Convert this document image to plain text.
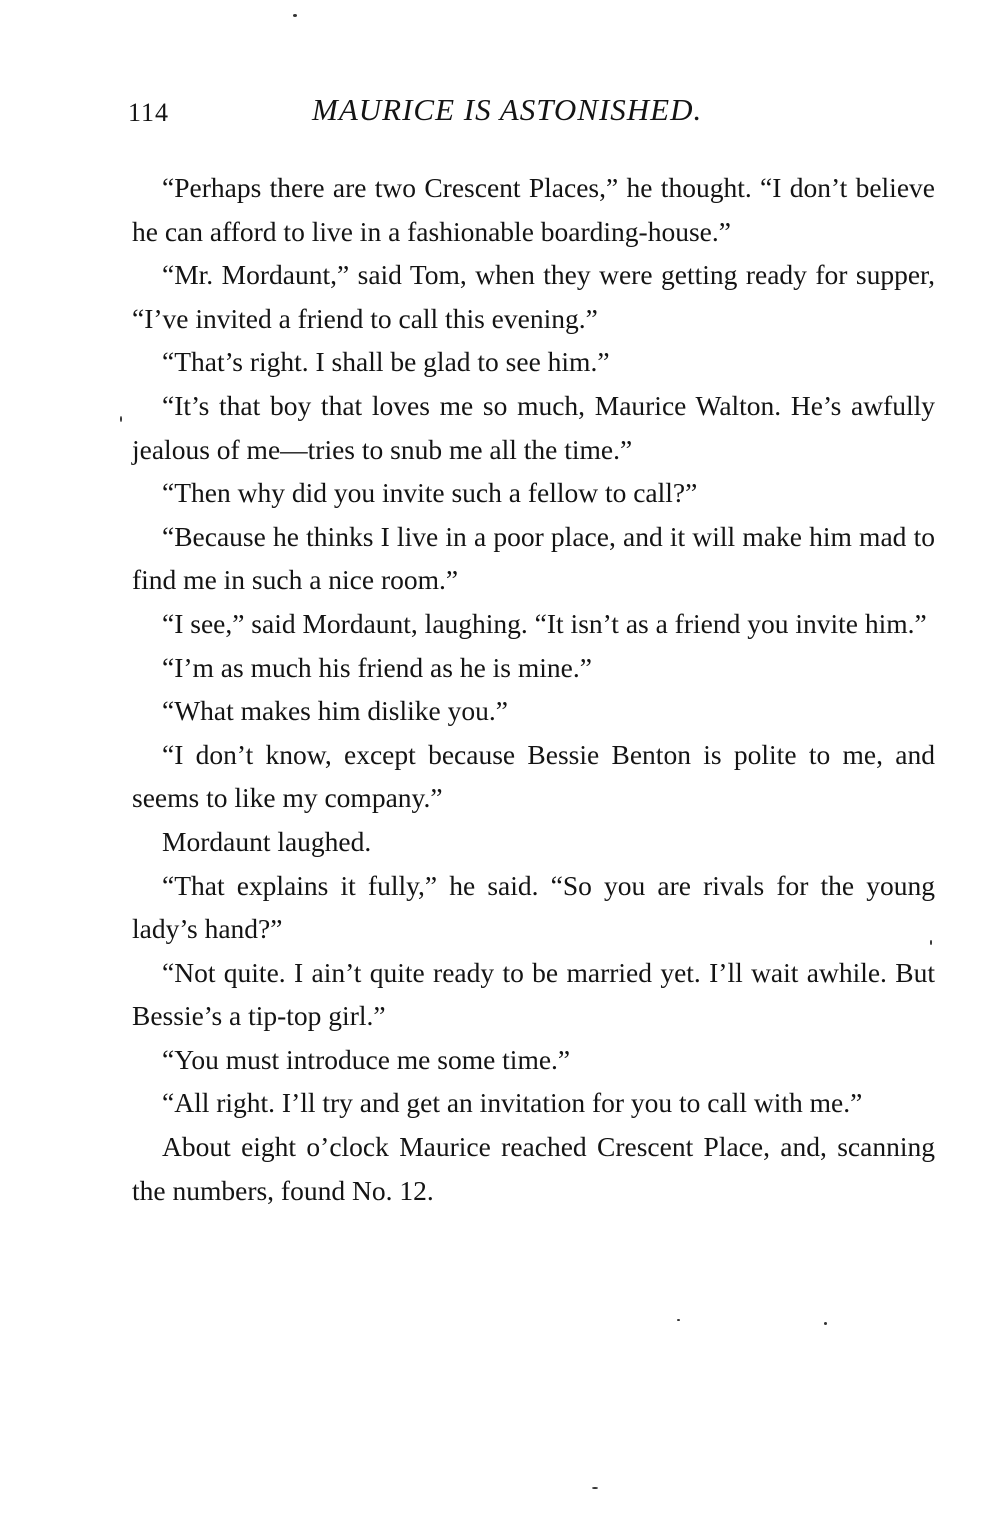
114	MAURICE IS ASTONISHED.

“Perhaps there are two Crescent Places,” he thought. “I don’t believe he can afford to live in a fashionable boarding-house.”

“Mr. Mordaunt,” said Tom, when they were getting ready for supper, “I’ve invited a friend to call this evening.”

“That’s right. I shall be glad to see him.”

“It’s that boy that loves me so much, Maurice Walton. He’s awfully jealous of me—tries to snub me all the time.”

“Then why did you invite such a fellow to call?”

“Because he thinks I live in a poor place, and it will make him mad to find me in such a nice room.”

“I see,” said Mordaunt, laughing. “It isn’t as a friend you invite him.”

“I’m as much his friend as he is mine.”

“What makes him dislike you.”

“I don’t know, except because Bessie Benton is polite to me, and seems to like my company.”

Mordaunt laughed.

“That explains it fully,” he said. “So you are rivals for the young lady’s hand?”

“Not quite. I ain’t quite ready to be married yet. I’ll wait awhile. But Bessie’s a tip-top girl.”

“You must introduce me some time.”

“All right. I’ll try and get an invitation for you to call with me.”

About eight o’clock Maurice reached Crescent Place, and, scanning the numbers, found No. 12.
